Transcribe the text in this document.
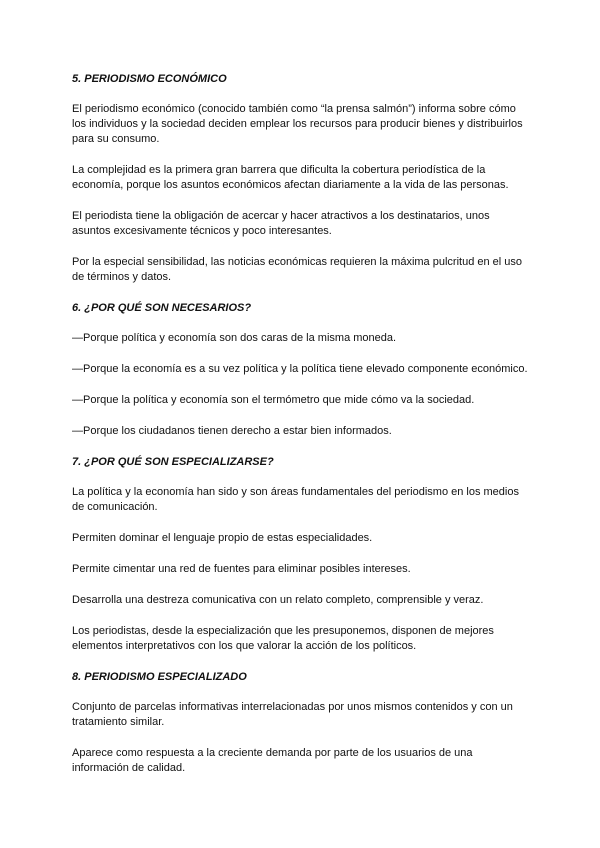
5. PERIODISMO ECONÓMICO
El periodismo económico (conocido también como “la prensa salmón”) informa sobre cómo los individuos y la sociedad deciden emplear los recursos para producir bienes y distribuirlos para su consumo.
La complejidad es la primera gran barrera que dificulta la cobertura periodística de la economía, porque los asuntos económicos afectan diariamente a la vida de las personas.
El periodista tiene la obligación de acercar y hacer atractivos a los destinatarios, unos asuntos excesivamente técnicos y poco interesantes.
Por la especial sensibilidad, las noticias económicas requieren la máxima pulcritud en el uso de términos y datos.
6. ¿POR QUÉ SON NECESARIOS?
—Porque política y economía son dos caras de la misma moneda.
—Porque la economía es a su vez política y la política tiene elevado componente económico.
—Porque la política y economía son el termómetro que mide cómo va la sociedad.
—Porque los ciudadanos tienen derecho a estar bien informados.
7. ¿POR QUÉ SON ESPECIALIZARSE?
La política y la economía han sido y son áreas fundamentales del periodismo en los medios de comunicación.
Permiten dominar el lenguaje propio de estas especialidades.
Permite cimentar una red de fuentes para eliminar posibles intereses.
Desarrolla una destreza comunicativa con un relato completo, comprensible y veraz.
Los periodistas, desde la especialización que les presuponemos, disponen de mejores elementos interpretativos con los que valorar la acción de los políticos.
8. PERIODISMO ESPECIALIZADO
Conjunto de parcelas informativas interrelacionadas por unos mismos contenidos y con un tratamiento similar.
Aparece como respuesta a la creciente demanda por parte de los usuarios de una información de calidad.
